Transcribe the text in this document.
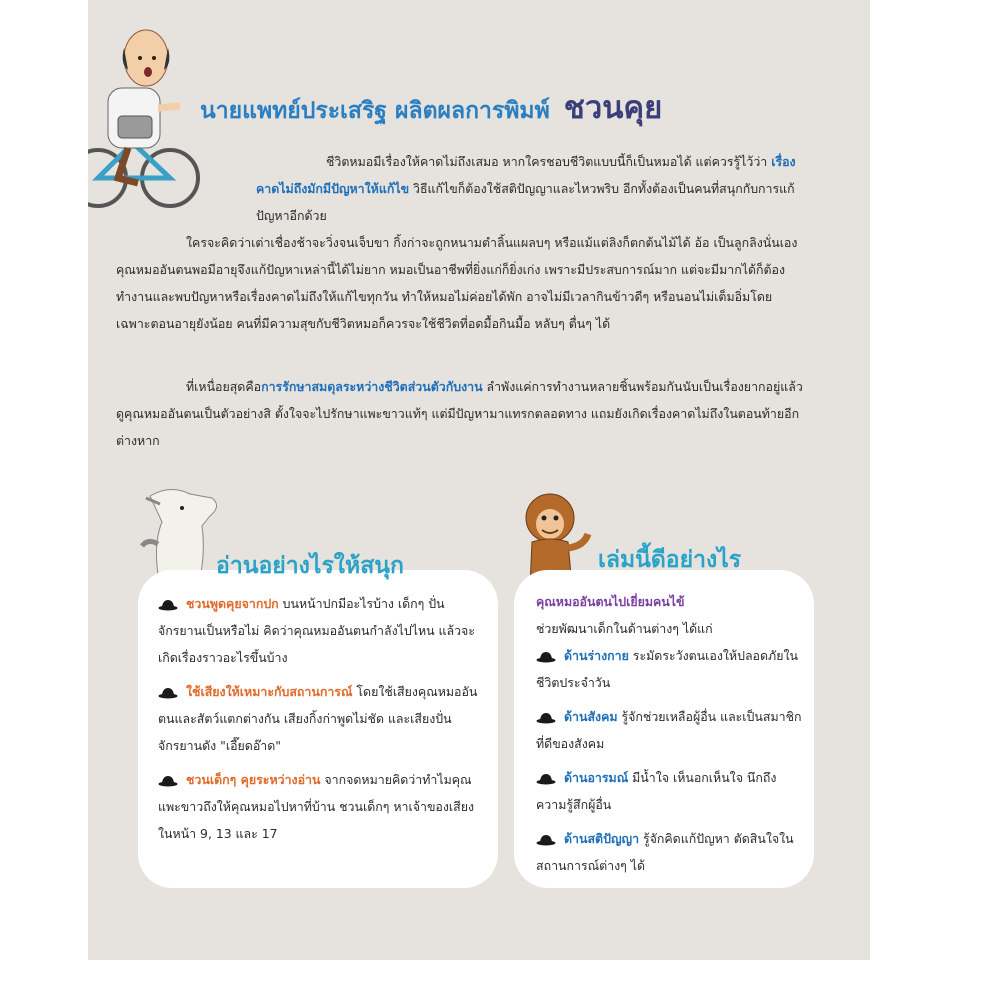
นายแพทย์ประเสริฐ ผลิตผลการพิมพ์ ชวนคุย

ชีวิตหมอมีเรื่องให้คาดไม่ถึงเสมอ หากใครชอบชีวิตแบบนี้ก็เป็นหมอได้ แต่ควรรู้ไว้ว่า เรื่องคาดไม่ถึงมักมีปัญหาให้แก้ไข วิธีแก้ไขก็ต้องใช้สติปัญญาและไหวพริบ อีกทั้งต้องเป็นคนที่สนุกกับการแก้ปัญหาอีกด้วย

ใครจะคิดว่าเต่าเชื่องช้าจะวิ่งจนเจ็บขา กิ้งก่าจะถูกหนามตำลิ้นแผลบๆ หรือแม้แต่ลิงก็ตกต้นไม้ได้ อ้อ เป็นลูกลิงนั่นเอง คุณหมออันตนพอมีอายุจึงแก้ปัญหาเหล่านี้ได้ไม่ยาก หมอเป็นอาชีพที่ยิ่งแก่ก็ยิ่งเก่ง เพราะมีประสบการณ์มาก แต่จะมีมากได้ก็ต้องทำงานและพบปัญหาหรือเรื่องคาดไม่ถึงให้แก้ไขทุกวัน ทำให้หมอไม่ค่อยได้พัก อาจไม่มีเวลากินข้าวดีๆ หรือนอนไม่เต็มอิ่มโดยเฉพาะตอนอายุยังน้อย คนที่มีความสุขกับชีวิตหมอก็ควรจะใช้ชีวิตที่อดมื้อกินมื้อ หลับๆ ตื่นๆ ได้

ที่เหนื่อยสุดคือการรักษาสมดุลระหว่างชีวิตส่วนตัวกับงาน ลำพังแค่การทำงานหลายชิ้นพร้อมกันนับเป็นเรื่องยากอยู่แล้ว ดูคุณหมออันตนเป็นตัวอย่างสิ ตั้งใจจะไปรักษาแพะขาวแท้ๆ แต่มีปัญหามาแทรกตลอดทาง แถมยังเกิดเรื่องคาดไม่ถึงในตอนท้ายอีกต่างหาก

ชวนพูดคุยจากปก บนหน้าปกมีอะไรบ้าง เด็กๆ ปั่นจักรยานเป็นหรือไม่ คิดว่าคุณหมออันตนกำลังไปไหน แล้วจะเกิดเรื่องราวอะไรขึ้นบ้าง
ใช้เสียงให้เหมาะกับสถานการณ์ โดยใช้เสียงคุณหมออันตนและสัตว์แตกต่างกัน เสียงกิ้งก่าพูดไม่ชัด และเสียงปั่นจักรยานดัง "เอี๊ยดอ๊าด"
ชวนเด็กๆ คุยระหว่างอ่าน จากจดหมายคิดว่าทำไมคุณแพะขาวถึงให้คุณหมอไปหาที่บ้าน ชวนเด็กๆ หาเจ้าของเสียงในหน้า 9, 13 และ 17
อ่านอย่างไรให้สนุก
คุณหมออันตนไปเยี่ยมคนไข้
ช่วยพัฒนาเด็กในด้านต่างๆ ได้แก่
ด้านร่างกาย ระมัดระวังตนเองให้ปลอดภัยในชีวิตประจำวัน
ด้านสังคม รู้จักช่วยเหลือผู้อื่น และเป็นสมาชิกที่ดีของสังคม
ด้านอารมณ์ มีน้ำใจ เห็นอกเห็นใจ นึกถึงความรู้สึกผู้อื่น
ด้านสติปัญญา รู้จักคิดแก้ปัญหา ตัดสินใจในสถานการณ์ต่างๆ ได้
เล่มนี้ดีอย่างไร
